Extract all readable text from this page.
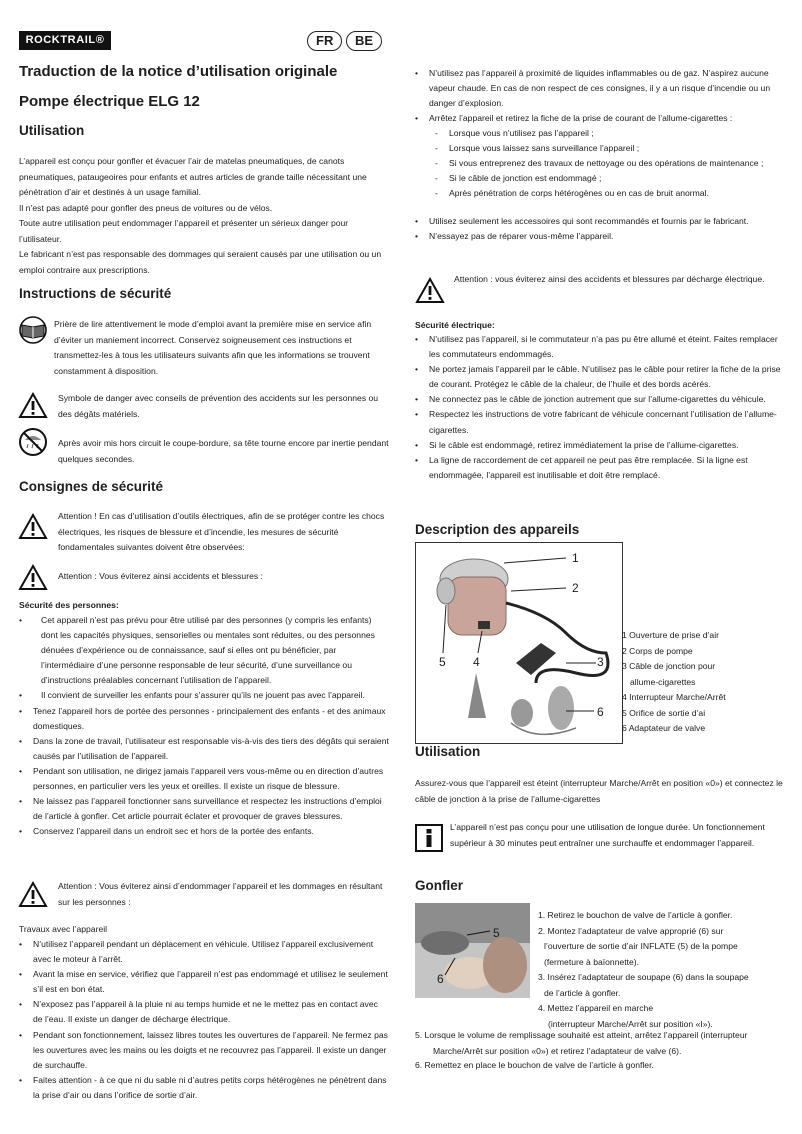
ROCKTRAIL®	FR	BE
Traduction de la notice d’utilisation originale
Pompe électrique ELG 12
Utilisation
L’appareil est conçu pour gonfler et évacuer l’air de matelas pneumatiques, de canots pneumatiques, pataugeoires pour enfants et autres articles de grande taille nécessitant une pénétration d’air et destinés à un usage familial.
Il n’est pas adapté pour gonfler des pneus de voitures ou de vélos.
Toute autre utilisation peut endommager l’appareil et présenter un sérieux danger pour l’utilisateur.
Le fabricant n’est pas responsable des dommages qui seraient causés par une utilisation ou un emploi contraire aux prescriptions.
Instructions de sécurité
Prière de lire attentivement le mode d’emploi avant la première mise en service afin d’éviter un maniement incorrect. Conservez soigneusement ces instructions et transmettez-les à tous les utilisateurs suivants afin que les informations se trouvent constamment à disposition.
Symbole de danger avec conseils de prévention des accidents sur les personnes ou des dégâts matériels.
Après avoir mis hors circuit le coupe-bordure, sa tête tourne encore par inertie pendant quelques secondes.
Consignes de sécurité
Attention ! En cas d’utilisation d’outils électriques, afin de se protéger contre les chocs électriques, les risques de blessure et d’incendie, les mesures de sécurité fondamentales suivantes doivent être observées:
Attention : Vous éviterez ainsi accidents et blessures :
Sécurité des personnes:
• Cet appareil n’est pas prévu pour être utilisé par des personnes (y compris les enfants) dont les capacités physiques, sensorielles ou mentales sont réduites, ou des personnes dénuées d’expérience ou de connaissance, sauf si elles ont pu bénéficier, par l’intermédiaire d’une personne responsable de leur sécurité, d’une surveillance ou d’instructions préalables concernant l’utilisation de l’appareil.
• Il convient de surveiller les enfants pour s’assurer qu’ils ne jouent pas avec l’appareil.
• Tenez l’appareil hors de portée des personnes - principalement des enfants - et des animaux domestiques.
• Dans la zone de travail, l’utilisateur est responsable vis-à-vis des tiers des dégâts qui seraient causés par l’utilisation de l’appareil.
• Pendant son utilisation, ne dirigez jamais l’appareil vers vous-même ou en direction d’autres personnes, en particulier vers les yeux et oreilles. Il existe un risque de blessure.
• Ne laissez pas l’appareil fonctionner sans surveillance et respectez les instructions d’emploi de l’article à gonfler. Cet article pourrait éclater et provoquer de graves blessures.
• Conservez l’appareil dans un endroit sec et hors de la portée des enfants.
Attention : Vous éviterez ainsi d’endommager l’appareil et les dommages en résultant sur les personnes :
Travaux avec l’appareil
• N’utilisez l’appareil pendant un déplacement en véhicule. Utilisez l’appareil exclusivement avec le moteur à l’arrêt.
• Avant la mise en service, vérifiez que l’appareil n’est pas endommagé et utilisez le seulement s’il est en bon état.
• N’exposez pas l’appareil à la pluie ni au temps humide et ne le mettez pas en contact avec de l’eau. Il existe un danger de décharge électrique.
• Pendant son fonctionnement, laissez libres toutes les ouvertures de l’appareil. Ne fermez pas les ouvertures avec les mains ou les doigts et ne recouvrez pas l’appareil. Il existe un danger de surchauffe.
• Faites attention - à ce que ni du sable ni d’autres petits corps hétérogènes ne pénètrent dans la prise d’air ou dans l’orifice de sortie d’air.
• N’utilisez pas l’appareil à proximité de liquides inflammables ou de gaz. N’aspirez aucune vapeur chaude. En cas de non respect de ces consignes, il y a un risque d’incendie ou un danger d’explosion.
• Arrêtez l’appareil et retirez la fiche de la prise de courant de l’allume-cigarettes :
- Lorsque vous n’utilisez pas l’appareil ;
- Lorsque vous laissez sans surveillance l’appareil ;
- Si vous entreprenez des travaux de nettoyage ou des opérations de maintenance ;
- Si le câble de jonction est endommagé ;
- Après pénétration de corps hétérogènes ou en cas de bruit anormal.
• Utilisez seulement les accessoires qui sont recommandés et fournis par le fabricant.
• N’essayez pas de réparer vous-même l’appareil.
Attention : vous éviterez ainsi des accidents et blessures par décharge électrique.
Sécurité électrique:
• N’utilisez pas l’appareil, si le commutateur n’a pas pu être allumé et éteint. Faites remplacer les commutateurs endommagés.
• Ne portez jamais l’appareil par le câble. N’utilisez pas le câble pour retirer la fiche de la prise de courant. Protégez le câble de la chaleur, de l’huile et des bords acérés.
• Ne connectez pas le câble de jonction autrement que sur l’allume-cigarettes du véhicule.
• Respectez les instructions de votre fabricant de véhicule concernant l’utilisation de l’allume-cigarettes.
• Si le câble est endommagé, retirez immédiatement la prise de l’allume-cigarettes.
• La ligne de raccordement de cet appareil ne peut pas être remplacée. Si la ligne est endommagée, l’appareil est inutilisable et doit être remplacé.
Description des appareils
1
2
3
4
5
6
1 Ouverture de prise d’air
2 Corps de pompe
3 Câble de jonction pour
allume-cigarettes
4 Interrupteur Marche/Arrêt
5 Orifice de sortie d’ai
6 Adaptateur de valve
Utilisation
Assurez-vous que l’appareil est éteint (interrupteur Marche/Arrêt en position «0») et connectez le câble de jonction à la prise de l’allume-cigarettes
L’appareil n’est pas conçu pour une utilisation de longue durée. Un fonctionnement supérieur à 30 minutes peut entraîner une surchauffe et endommager l’appareil.
Gonfler
5
6
1. Retirez le bouchon de valve de l’article à gonfler.
2. Montez l’adaptateur de valve approprié (6) sur
l’ouverture de sortie d’air INFLATE (5) de la pompe
(fermeture à baïonnette).
3. Insérez l’adaptateur de soupape (6) dans la soupape
de l’article à gonfler.
4. Mettez l’appareil en marche
(interrupteur Marche/Arrêt sur position «I»).
5. Lorsque le volume de remplissage souhaité est atteint, arrêtez l’appareil (interrupteur Marche/Arrêt sur position «0») et retirez l’adaptateur de valve (6).
6. Remettez en place le bouchon de valve de l’article à gonfler.
